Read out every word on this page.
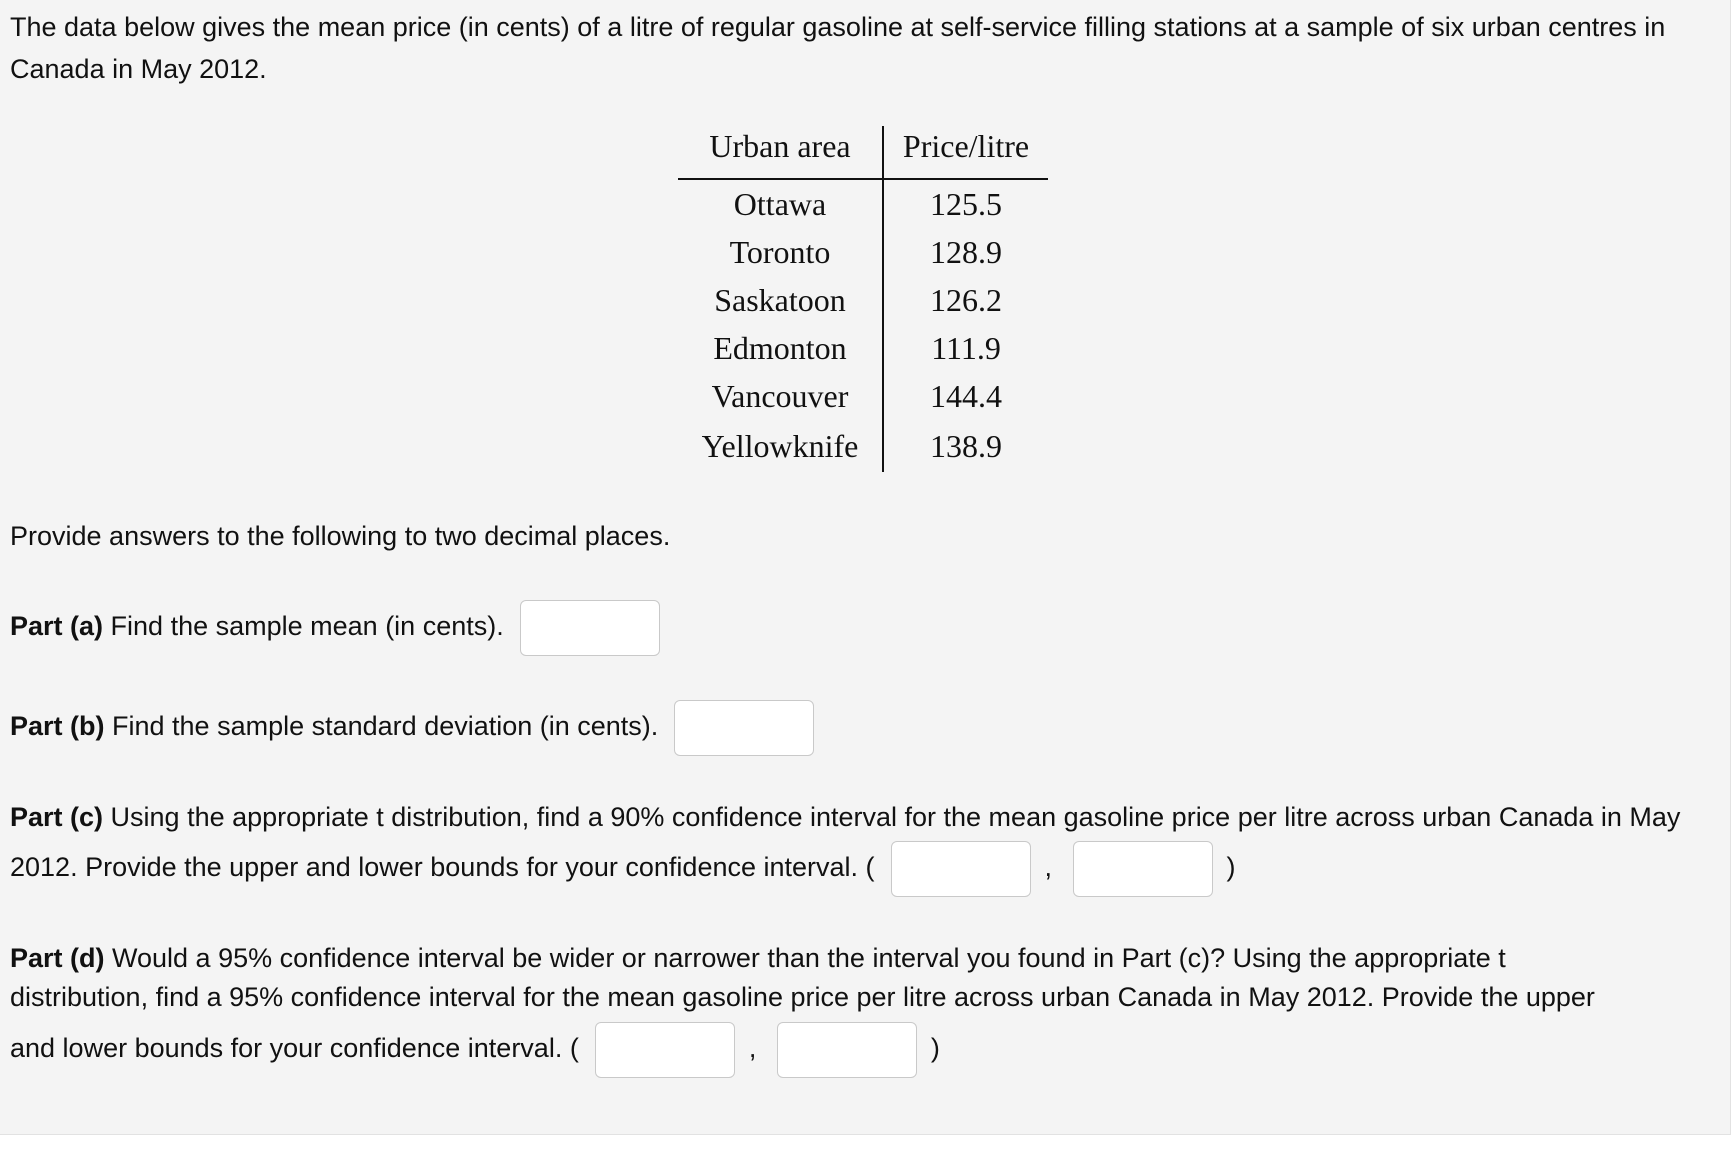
The data below gives the mean price (in cents) of a litre of regular gasoline at self-service filling stations at a sample of six urban centres in Canada in May 2012.

Urban area	Price/litre
Ottawa	125.5
Toronto	128.9
Saskatoon	126.2
Edmonton	111.9
Vancouver	144.4
Yellowknife	138.9

Provide answers to the following to two decimal places.

Part (a) Find the sample mean (in cents).

Part (b) Find the sample standard deviation (in cents).

Part (c) Using the appropriate t distribution, find a 90% confidence interval for the mean gasoline price per litre across urban Canada in May 2012. Provide the upper and lower bounds for your confidence interval. (	,	)

Part (d) Would a 95% confidence interval be wider or narrower than the interval you found in Part (c)? Using the appropriate t

distribution, find a 95% confidence interval for the mean gasoline price per litre across urban Canada in May 2012. Provide the upper

and lower bounds for your confidence interval. (	,	)
